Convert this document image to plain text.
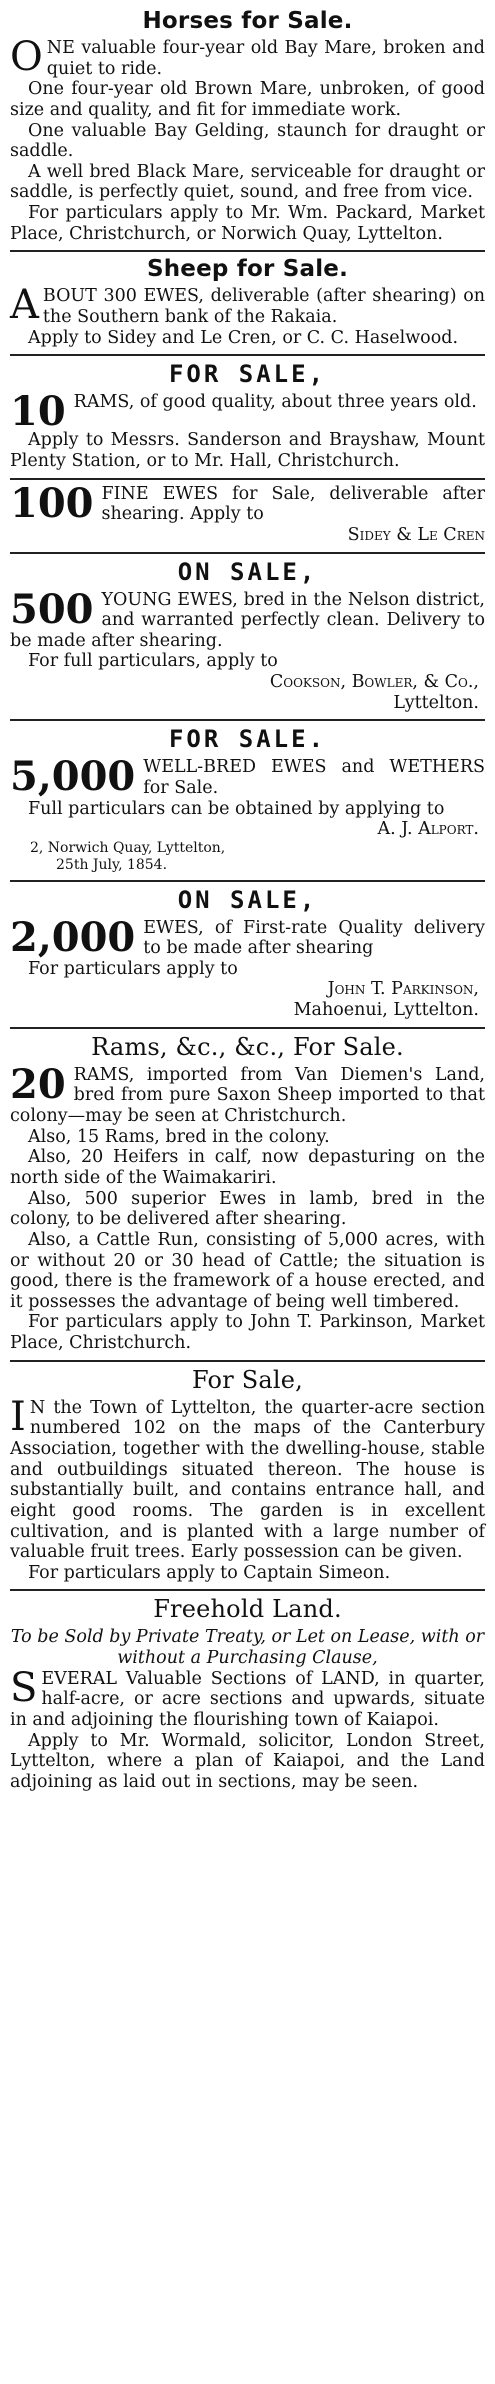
Horses for Sale.

ONE valuable four-year old Bay Mare, broken and quiet to ride.

One four-year old Brown Mare, unbroken, of good size and quality, and fit for immediate work.

One valuable Bay Gelding, staunch for draught or saddle.

A well bred Black Mare, serviceable for draught or saddle, is perfectly quiet, sound, and free from vice.

For particulars apply to Mr. Wm. Packard, Market Place, Christchurch, or Norwich Quay, Lyttelton.

Sheep for Sale.

ABOUT 300 EWES, deliverable (after shearing) on the Southern bank of the Rakaia.

Apply to Sidey and Le Cren, or C. C. Haselwood.

FOR SALE,

10 RAMS, of good quality, about three years old.

Apply to Messrs. Sanderson and Brayshaw, Mount Plenty Station, or to Mr. Hall, Christchurch.

100 FINE EWES for Sale, deliverable after shearing. Apply to

Sidey & Le Cren

ON SALE,

500 YOUNG EWES, bred in the Nelson district, and warranted perfectly clean. Delivery to be made after shearing.

For full particulars, apply to

Cookson, Bowler, & Co.,

Lyttelton.

FOR SALE.

5,000 WELL-BRED EWES and WETHERS for Sale.

Full particulars can be obtained by applying to

A. J. Alport.

2, Norwich Quay, Lyttelton,

25th July, 1854.

ON SALE,

2,000 EWES, of First-rate Quality delivery to be made after shearing

For particulars apply to

John T. Parkinson,

Mahoenui, Lyttelton.

Rams, &c., &c., For Sale.

20 RAMS, imported from Van Diemen's Land, bred from pure Saxon Sheep imported to that colony—may be seen at Christchurch.

Also, 15 Rams, bred in the colony.

Also, 20 Heifers in calf, now depasturing on the north side of the Waimakariri.

Also, 500 superior Ewes in lamb, bred in the colony, to be delivered after shearing.

Also, a Cattle Run, consisting of 5,000 acres, with or without 20 or 30 head of Cattle; the situation is good, there is the framework of a house erected, and it possesses the advantage of being well timbered.

For particulars apply to John T. Parkinson, Market Place, Christchurch.

For Sale,

I N the Town of Lyttelton, the quarter-acre section numbered 102 on the maps of the Canterbury Association, together with the dwelling-house, stable and outbuildings situated thereon. The house is substantially built, and contains entrance hall, and eight good rooms. The garden is in excellent cultivation, and is planted with a large number of valuable fruit trees. Early possession can be given.

For particulars apply to Captain Simeon.

Freehold Land.

To be Sold by Private Treaty, or Let on Lease, with or without a Purchasing Clause,

SEVERAL Valuable Sections of LAND, in quarter, half-acre, or acre sections and upwards, situate in and adjoining the flourishing town of Kaiapoi.

Apply to Mr. Wormald, solicitor, London Street, Lyttelton, where a plan of Kaiapoi, and the Land adjoining as laid out in sections, may be seen.
